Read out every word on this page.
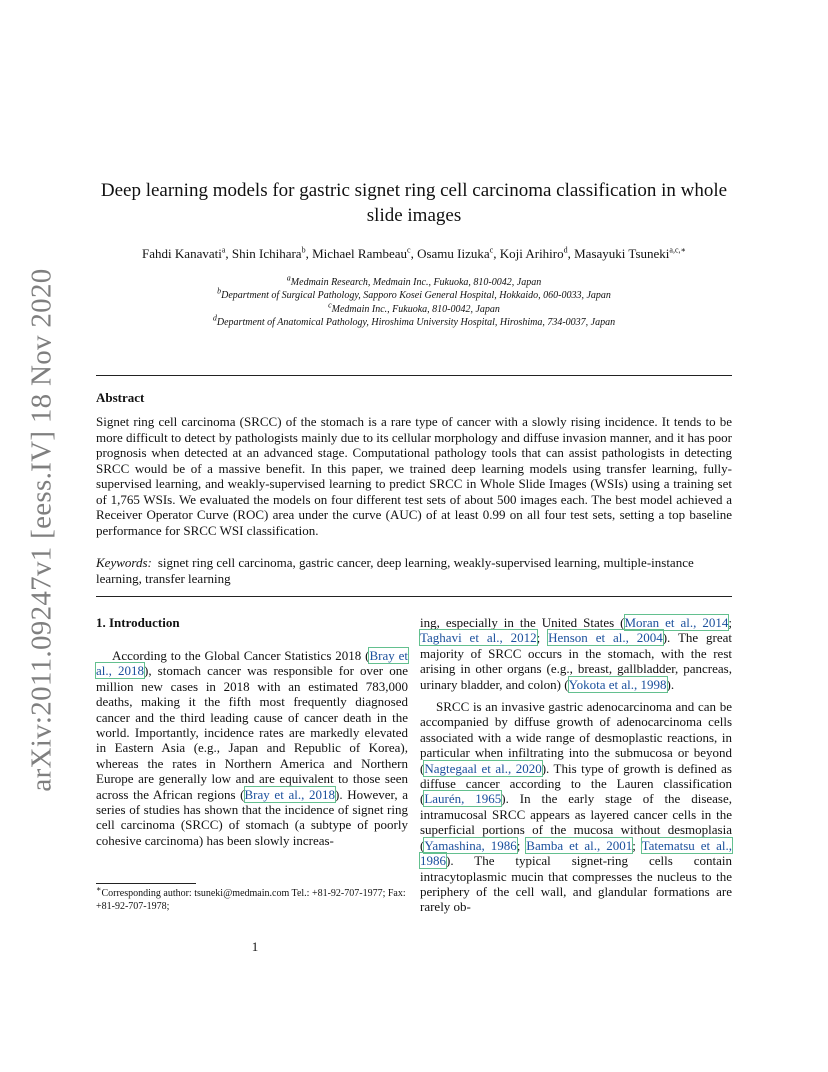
arXiv:2011.09247v1 [eess.IV] 18 Nov 2020
Deep learning models for gastric signet ring cell carcinoma classification in whole slide images
Fahdi Kanavati$^a$, Shin Ichihara$^b$, Michael Rambeau$^c$, Osamu Iizuka$^c$, Koji Arihiro$^d$, Masayuki Tsuneki$^{a,c,∗}$
$^a$Medmain Research, Medmain Inc., Fukuoka, 810-0042, Japan
$^b$Department of Surgical Pathology, Sapporo Kosei General Hospital, Hokkaido, 060-0033, Japan
$^c$Medmain Inc., Fukuoka, 810-0042, Japan
$^d$Department of Anatomical Pathology, Hiroshima University Hospital, Hiroshima, 734-0037, Japan
Abstract
Signet ring cell carcinoma (SRCC) of the stomach is a rare type of cancer with a slowly rising incidence. It tends to be more difficult to detect by pathologists mainly due to its cellular morphology and diffuse invasion manner, and it has poor prognosis when detected at an advanced stage. Computational pathology tools that can assist pathologists in detecting SRCC would be of a massive benefit. In this paper, we trained deep learning models using transfer learning, fully-supervised learning, and weakly-supervised learning to predict SRCC in Whole Slide Images (WSIs) using a training set of 1,765 WSIs. We evaluated the models on four different test sets of about 500 images each. The best model achieved a Receiver Operator Curve (ROC) area under the curve (AUC) of at least 0.99 on all four test sets, setting a top baseline performance for SRCC WSI classification.
Keywords: signet ring cell carcinoma, gastric cancer, deep learning, weakly-supervised learning, multiple-instance learning, transfer learning
1. Introduction

According to the Global Cancer Statistics 2018 (Bray et al., 2018), stomach cancer was responsible for over one million new cases in 2018 with an estimated 783,000 deaths, making it the fifth most frequently diagnosed cancer and the third leading cause of cancer death in the world. Importantly, incidence rates are markedly elevated in Eastern Asia (e.g., Japan and Republic of Korea), whereas the rates in Northern America and Northern Europe are generally low and are equivalent to those seen across the African regions (Bray et al., 2018). However, a series of studies has shown that the incidence of signet ring cell carcinoma (SRCC) of stomach (a subtype of poorly cohesive carcinoma) has been slowly increas-

ing, especially in the United States (Moran et al., 2014; Taghavi et al., 2012; Henson et al., 2004). The great majority of SRCC occurs in the stomach, with the rest arising in other organs (e.g., breast, gallbladder, pancreas, urinary bladder, and colon) (Yokota et al., 1998).

SRCC is an invasive gastric adenocarcinoma and can be accompanied by diffuse growth of adenocarcinoma cells associated with a wide range of desmoplastic reactions, in particular when infiltrating into the submucosa or beyond (Nagtegaal et al., 2020). This type of growth is defined as diffuse cancer according to the Lauren classification (Laurén, 1965). In the early stage of the disease, intramucosal SRCC appears as layered cancer cells in the superficial portions of the mucosa without desmoplasia (Yamashina, 1986; Bamba et al., 2001; Tatematsu et al., 1986). The typical signet-ring cells contain intracytoplasmic mucin that compresses the nucleus to the periphery of the cell wall, and glandular formations are rarely ob-

∗Corresponding author: tsuneki@medmain.com Tel.: +81-92-707-1977; Fax: +81-92-707-1978;
1
